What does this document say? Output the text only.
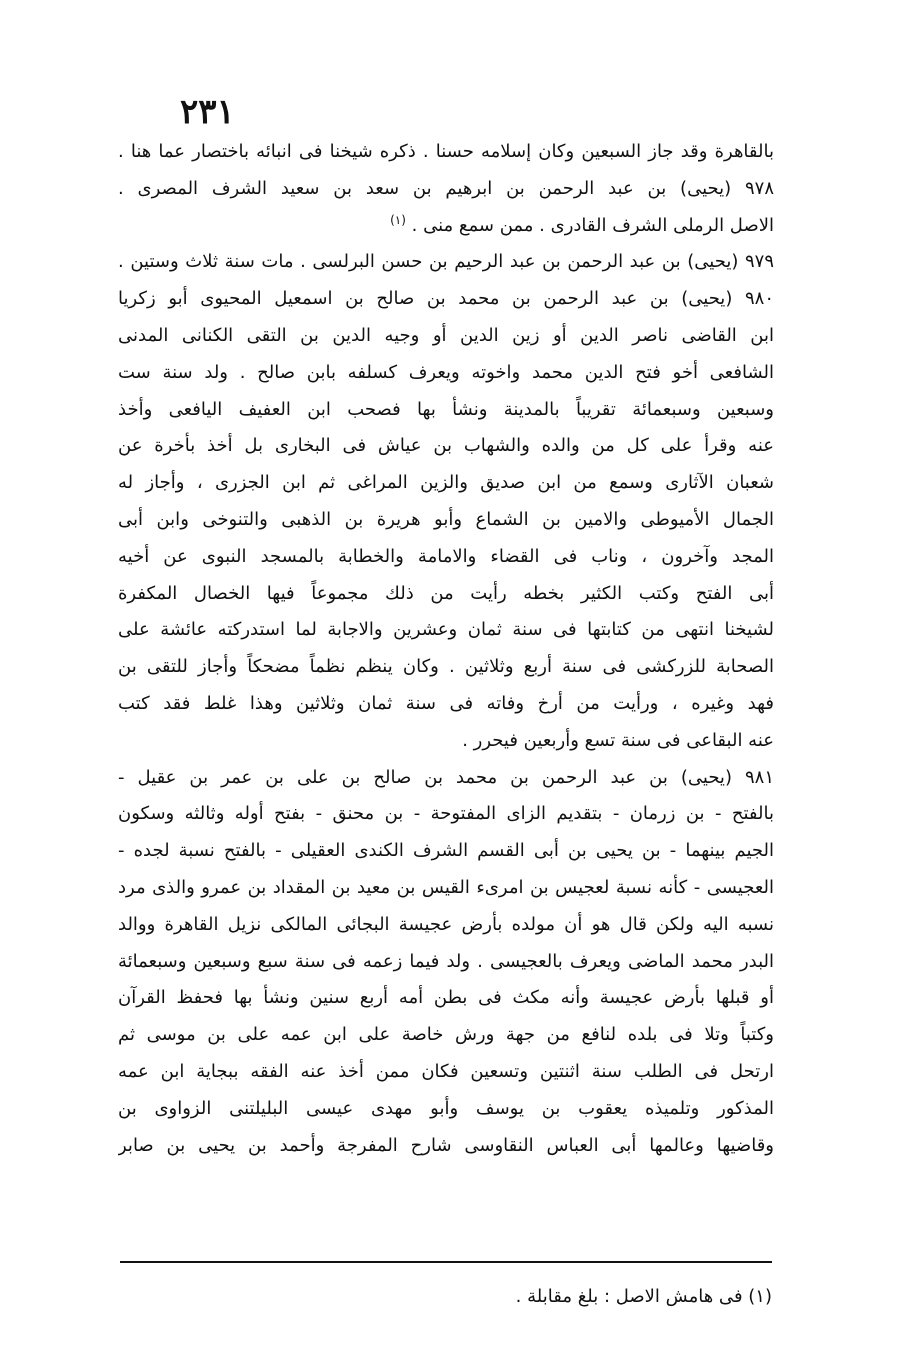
٢٣١
بالقاهرة وقد جاز السبعين وكان إسلامه حسنا . ذكره شيخنا فى انبائه باختصار عما هنا .
٩٧٨ (يحيى) بن عبد الرحمن بن ابرهيم بن سعد بن سعيد الشرف المصرى .
الاصل الرملى الشرف القادرى . ممن سمع منى . $^{(١)}$
٩٧٩ (يحيى) بن عبد الرحمن بن عبد الرحيم بن حسن البرلسى . مات سنة ثلاث وستين .
٩٨٠ (يحيى) بن عبد الرحمن بن محمد بن صالح بن اسمعيل المحيوى أبو زكريا
ابن القاضى ناصر الدين أو زين الدين أو وجيه الدين بن التقى الكنانى المدنى
الشافعى أخو فتح الدين محمد واخوته ويعرف كسلفه بابن صالح . ولد سنة ست
وسبعين وسبعمائة تقريباً بالمدينة ونشأ بها فصحب ابن العفيف اليافعى وأخذ
عنه وقرأ على كل من والده والشهاب بن عياش فى البخارى بل أخذ بأخرة عن
شعبان الآثارى وسمع من ابن صديق والزين المراغى ثم ابن الجزرى ، وأجاز له
الجمال الأميوطى والامين بن الشماع وأبو هريرة بن الذهبى والتنوخى وابن أبى
المجد وآخرون ، وناب فى القضاء والامامة والخطابة بالمسجد النبوى عن أخيه
أبى الفتح وكتب الكثير بخطه رأيت من ذلك مجموعاً فيها الخصال المكفرة
لشيخنا انتهى من كتابتها فى سنة ثمان وعشرين والاجابة لما استدركته عائشة على
الصحابة للزركشى فى سنة أربع وثلاثين . وكان ينظم نظماً مضحكاً وأجاز للتقى بن
فهد وغيره ، ورأيت من أرخ وفاته فى سنة ثمان وثلاثين وهذا غلط فقد كتب
عنه البقاعى فى سنة تسع وأربعين فيحرر .
٩٨١ (يحيى) بن عبد الرحمن بن محمد بن صالح بن على بن عمر بن عقيل -
بالفتح - بن زرمان - بتقديم الزاى المفتوحة - بن محنق - بفتح أوله وثالثه وسكون
الجيم بينهما - بن يحيى بن أبى القسم الشرف الكندى العقيلى - بالفتح نسبة لجده -
العجيسى - كأنه نسبة لعجيس بن امرىء القيس بن معيد بن المقداد بن عمرو والذى مرد
نسبه اليه ولكن قال هو أن مولده بأرض عجيسة البجائى المالكى نزيل القاهرة ووالد
البدر محمد الماضى ويعرف بالعجيسى . ولد فيما زعمه فى سنة سبع وسبعين وسبعمائة
أو قبلها بأرض عجيسة وأنه مكث فى بطن أمه أربع سنين ونشأ بها فحفظ القرآن
وكتباً وتلا فى بلده لنافع من جهة ورش خاصة على ابن عمه على بن موسى ثم
ارتحل فى الطلب سنة اثنتين وتسعين فكان ممن أخذ عنه الفقه ببجاية ابن عمه
المذكور وتلميذه يعقوب بن يوسف وأبو مهدى عيسى البليلتنى الزواوى بن
وقاضيها وعالمها أبى العباس النقاوسى شارح المفرجة وأحمد بن يحيى بن صابر
(١) فى هامش الاصل : بلغ مقابلة .
